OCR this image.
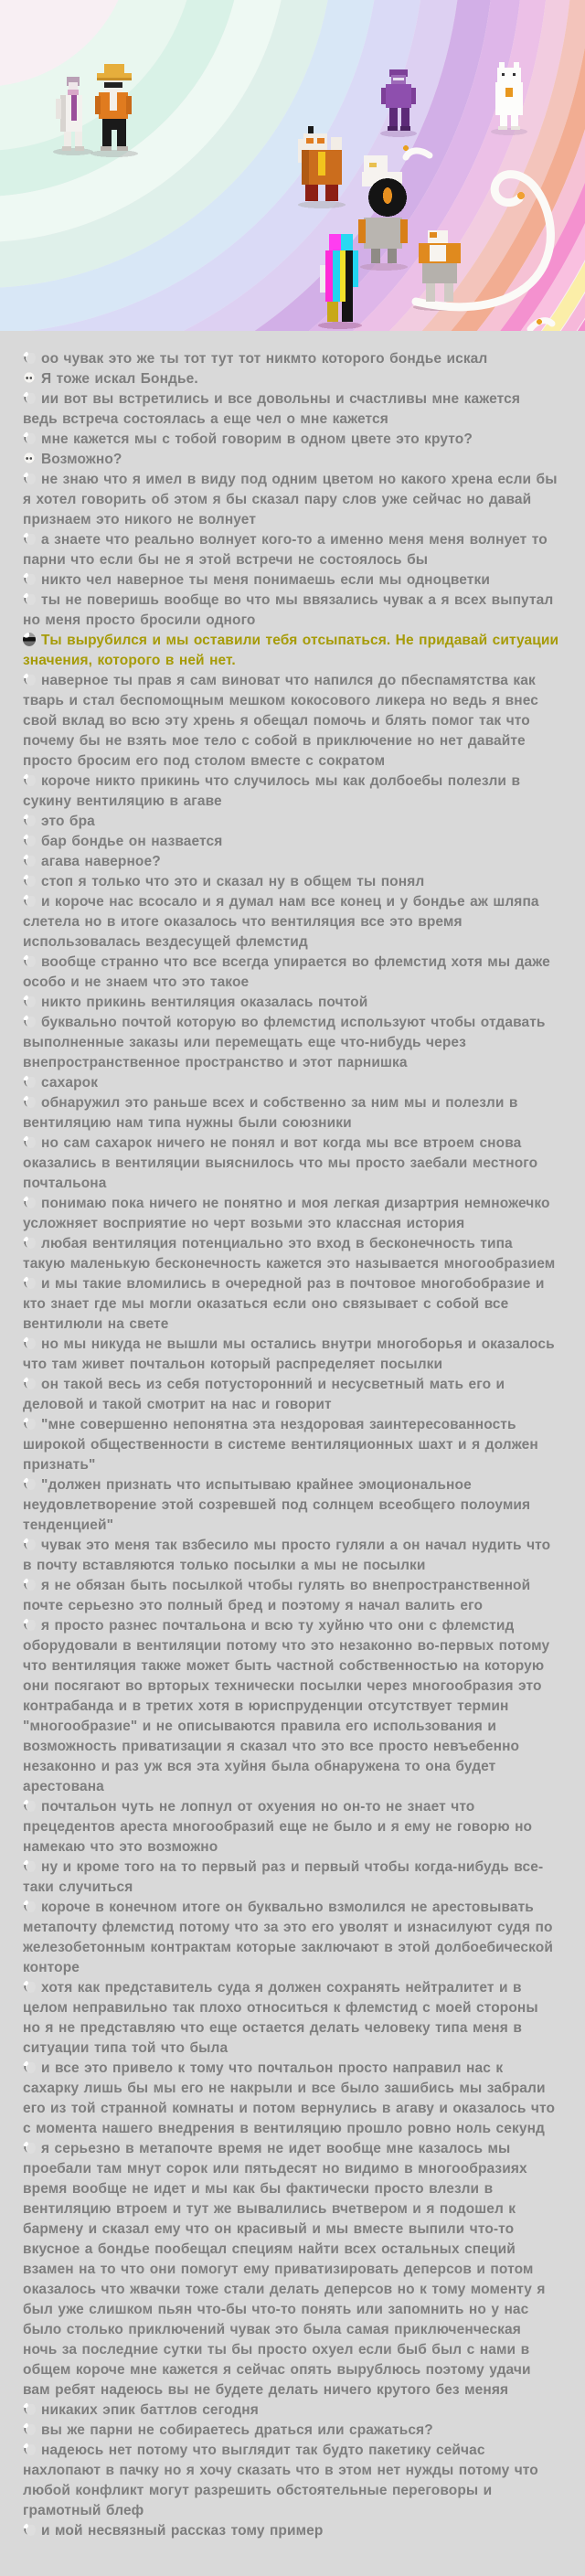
оо чувак это же ты тот тут тот никмто которого бондье искал
Я тоже искал Бондье.
ии вот вы встретились и все довольны и счастливы мне кажется ведь встреча состоялась а еще чел о мне кажется
мне кажется мы с тобой говорим в одном цвете это круто?
Возможно?
не знаю что я имел в виду под одним цветом но какого хрена если бы я хотел говорить об этом я бы сказал пару слов уже сейчас но давай признаем это никого не волнует
а знаете что реально волнует кого-то а именно меня меня волнует то парни что если бы не я этой встречи не состоялось бы
никто чел наверное ты меня понимаешь если мы одноцветки
ты не поверишь вообще во что мы ввязались чувак а я всех выпутал но меня просто бросили одного
Ты вырубился и мы оставили тебя отсыпаться. Не придавай ситуации значения, которого в ней нет.
наверное ты прав я сам виноват что напился до пбеспамятства как тварь и стал беспомощным мешком кокосового ликера но ведь я внес свой вклад во всю эту хрень я обещал помочь и блять помог так что почему бы не взять мое тело с собой в приключение но нет давайте просто бросим его под столом вместе с сократом
короче никто прикинь что случилось мы как долбоебы полезли в сукину вентиляцию в агаве
это бра
бар бондье он назвается
агава наверное?
стоп я только что это и сказал ну в общем ты понял
и короче нас всосало и я думал нам все конец и у бондье аж шляпа слетела но в итоге оказалось что вентиляция все это время использовалась вездесущей флемстид
вообще странно что все всегда упирается во флемстид хотя мы даже особо и не знаем что это такое
никто прикинь вентиляция оказалась почтой
буквально почтой которую во флемстид используют чтобы отдавать выполненные заказы или перемещать еще что-нибудь через внепространственное пространство и этот парнишка
сахарок
обнаружил это раньше всех и собственно за ним мы и полезли в вентиляцию нам типа нужны были союзники
но сам сахарок ничего не понял и вот когда мы все втроем снова оказались в вентиляции выяснилось что мы просто заебали местного почтальона
понимаю пока ничего не понятно и моя легкая дизартрия немножечко усложняет восприятие но черт возьми это классная история
любая вентиляция потенциально это вход в бесконечность типа такую маленькую бесконечность кажется это называется многообразием
и мы такие вломились в очередной раз в почтовое многобобразие и кто знает где мы могли оказаться если оно связывает с собой все вентилюли на свете
но мы никуда не вышли мы остались внутри многоборья и оказалось что там живет почтальон который распределяет посылки
он такой весь из себя потусторонний и несусветный мать его и деловой и такой смотрит на нас и говорит
"мне совершенно непонятна эта нездоровая заинтересованность широкой общественности в системе вентиляционных шахт и я должен признать"
"должен признать что испытываю крайнее эмоциональное неудовлетворение этой созревшей под солнцем всеобщего полоумия тенденцией"
чувак это меня так взбесило мы просто гуляли а он начал нудить что в почту вставляются только посылки а мы не посылки
я не обязан быть посылкой чтобы гулять во внепространственной почте серьезно это полный бред и поэтому я начал валить его
я просто разнес почтальона и всю ту хуйню что они с флемстид оборудовали в вентиляции потому что это незаконно во-первых потому что вентиляция также может быть частной собственностью на которую они посягают во врторых технически посылки через многообразия это контрабанда и в третих хотя в юриспруденции отсутствует термин "многообразие" и не описываются правила его использования и возможность приватизации я сказал что это все просто невъебенно незаконно и раз уж вся эта хуйня была обнаружена то она будет арестована
почтальон чуть не лопнул от охуения но он-то не знает что прецедентов ареста многообразий еще не было и я ему не говорю но намекаю что это возможно
ну и кроме того на то первый раз и первый чтобы когда-нибудь все-таки случиться
короче в конечном итоге он буквально взмолился не арестовывать метапочту флемстид потому что за это его уволят и изнасилуют судя по железобетонным контрактам которые заключают в этой долбоебической конторе
хотя как представитель суда я должен сохранять нейтралитет и в целом неправильно так плохо относиться к флемстид с моей стороны но я не представляю что еще остается делать человеку типа меня в ситуации типа той что была
и все это привело к тому что почтальон просто направил нас к сахарку лишь бы мы его не накрыли и все было зашибись мы забрали его из той странной комнаты и потом вернулись в агаву и оказалось что с момента нашего внедрения в вентиляцию прошло ровно ноль секунд
я серьезно в метапочте время не идет вообще мне казалось мы проебали там мнут сорок или пятьдесят но видимо в многообразиях время вообще не идет и мы как бы фактически просто влезли в вентиляцию втроем и тут же вывалились вчетвером и я подошел к бармену и сказал ему что он красивый и мы вместе выпили что-то вкусное а бондье пообещал специям найти всех остальных специй взамен на то что они помогут ему приватизировать деперсов и потом оказалось что жвачки тоже стали делать деперсов но к тому моменту я был уже слишком пьян что-бы что-то понять или запомнить но у нас было столько приключений чувак это была самая приключенческая ночь за последние сутки ты бы просто охуел если быб был с нами в общем короче мне кажется я сейчас опять вырублюсь поэтому удачи вам ребят надеюсь вы не будете делать ничего крутого без меняя
никаких эпик баттлов сегодня
вы же парни не собираетесь драться или сражаться?
надеюсь нет потому что выглядит так будто пакетику сейчас нахлопают в пачку но я хочу сказать что в этом нет нужды потому что любой конфликт могут разрешить обстоятельные переговоры и грамотный блеф
и мой несвязный рассказ тому пример
